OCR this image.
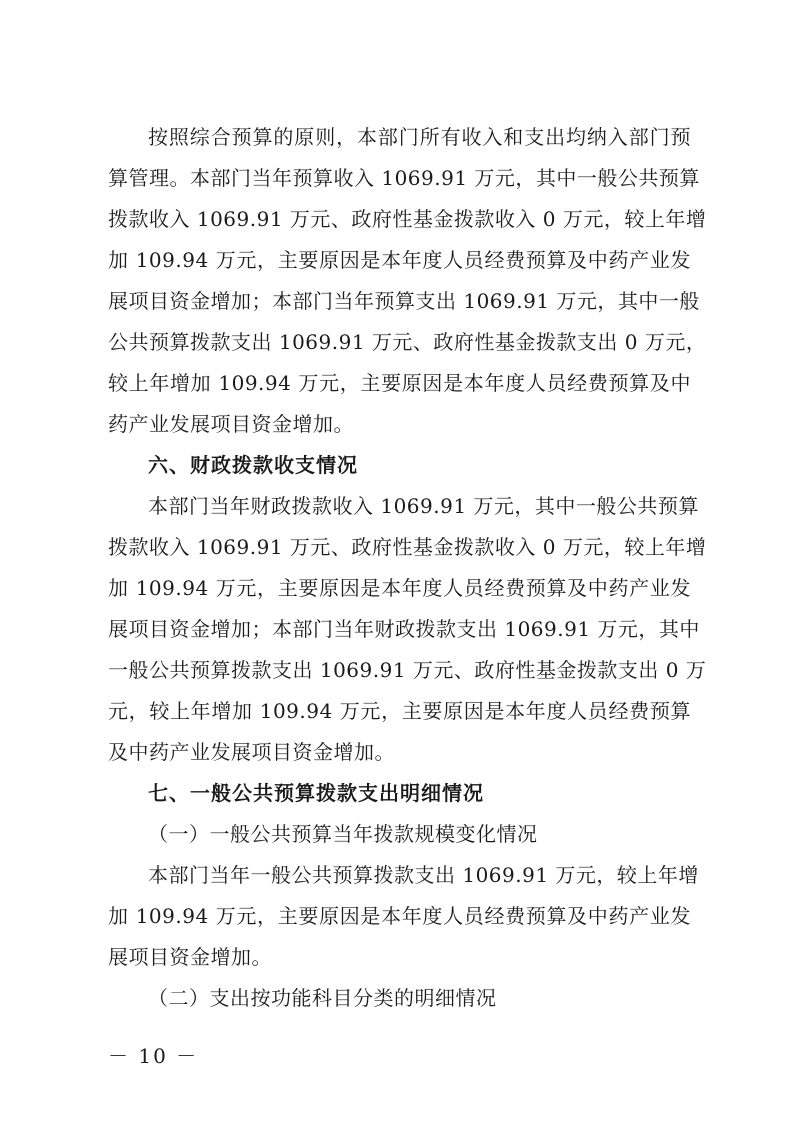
按照综合预算的原则，本部门所有收入和支出均纳入部门预
算管理。本部门当年预算收入 1069.91 万元，其中一般公共预算
拨款收入 1069.91 万元、政府性基金拨款收入 0 万元，较上年增
加 109.94 万元，主要原因是本年度人员经费预算及中药产业发
展项目资金增加；本部门当年预算支出 1069.91 万元，其中一般
公共预算拨款支出 1069.91 万元、政府性基金拨款支出 0 万元，
较上年增加 109.94 万元，主要原因是本年度人员经费预算及中
药产业发展项目资金增加。
六、财政拨款收支情况
本部门当年财政拨款收入 1069.91 万元，其中一般公共预算
拨款收入 1069.91 万元、政府性基金拨款收入 0 万元，较上年增
加 109.94 万元，主要原因是本年度人员经费预算及中药产业发
展项目资金增加；本部门当年财政拨款支出 1069.91 万元，其中
一般公共预算拨款支出 1069.91 万元、政府性基金拨款支出 0 万
元，较上年增加 109.94 万元，主要原因是本年度人员经费预算
及中药产业发展项目资金增加。
七、一般公共预算拨款支出明细情况
（一）一般公共预算当年拨款规模变化情况
本部门当年一般公共预算拨款支出 1069.91 万元，较上年增
加 109.94 万元，主要原因是本年度人员经费预算及中药产业发
展项目资金增加。
（二）支出按功能科目分类的明细情况
－ 10 －
